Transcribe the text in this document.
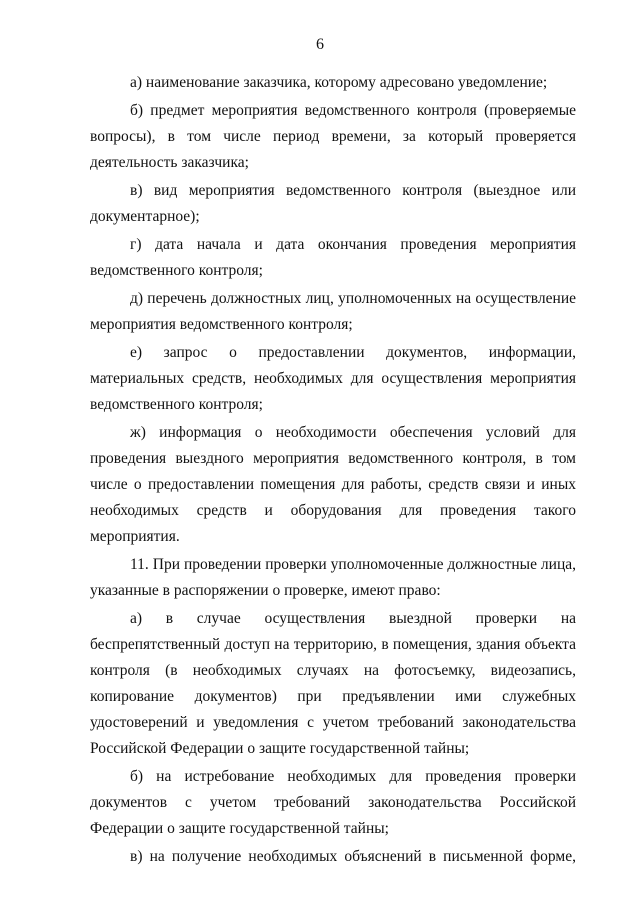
6

а) наименование заказчика, которому адресовано уведомление;

б) предмет мероприятия ведомственного контроля (проверяемые вопросы), в том числе период времени, за который проверяется деятельность заказчика;

в) вид мероприятия ведомственного контроля (выездное или документарное);

г) дата начала и дата окончания проведения мероприятия ведомственного контроля;

д) перечень должностных лиц, уполномоченных на осуществление мероприятия ведомственного контроля;

е) запрос о предоставлении документов, информации, материальных средств, необходимых для осуществления мероприятия ведомственного контроля;

ж) информация о необходимости обеспечения условий для проведения выездного мероприятия ведомственного контроля, в том числе о предоставлении помещения для работы, средств связи и иных необходимых средств и оборудования для проведения такого мероприятия.

11. При проведении проверки уполномоченные должностные лица, указанные в распоряжении о проверке, имеют право:

а) в случае осуществления выездной проверки на беспрепятственный доступ на территорию, в помещения, здания объекта контроля (в необходимых случаях на фотосъемку, видеозапись, копирование документов) при предъявлении ими служебных удостоверений и уведомления с учетом требований законодательства Российской Федерации о защите государственной тайны;

б) на истребование необходимых для проведения проверки документов с учетом требований законодательства Российской Федерации о защите государственной тайны;

в) на получение необходимых объяснений в письменной форме,
